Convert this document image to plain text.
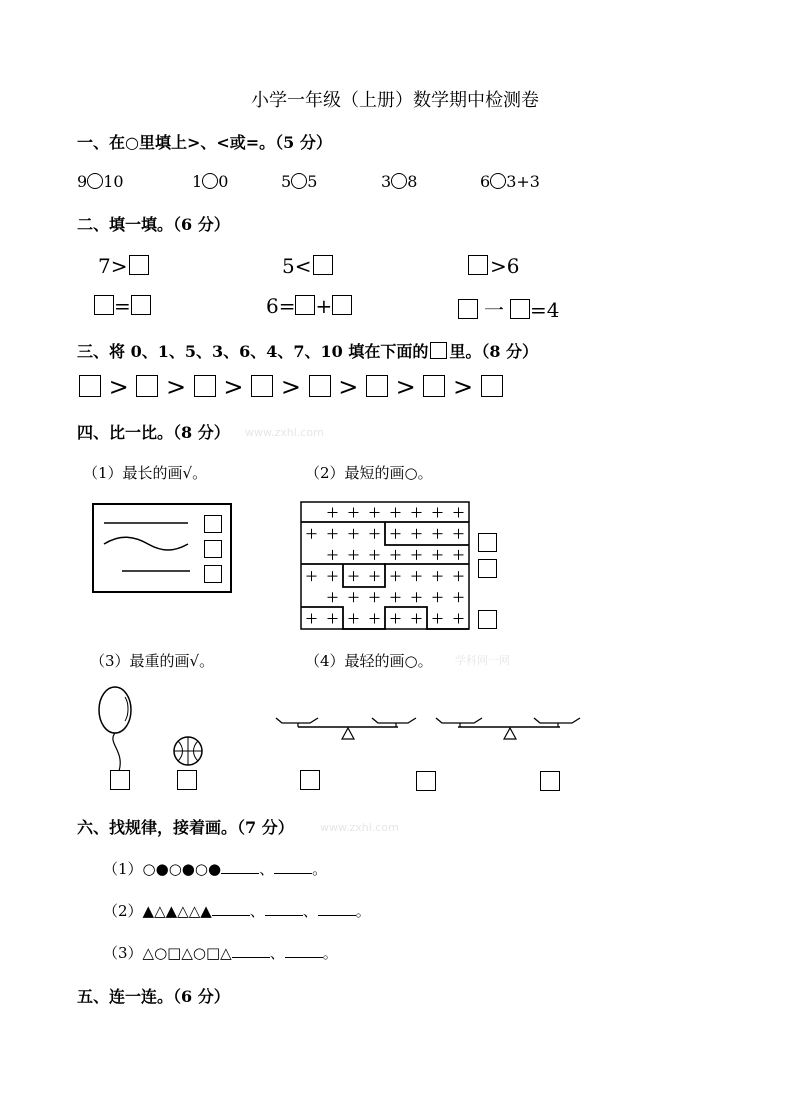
小学一年级（上册）数学期中检测卷
一、在○里填上>、<或=。（5 分）
9 10	1 0	5 5	3 8	6 3+3
二、填一填。（6 分）
7>	5<	>6
=	6= +	一 =4
三、将 0、1、5、3、6、4、7、10 填在下面的 里。（8 分）
> > > > > > >
四、比一比。（8 分） www.zxhl.com
（1）最长的画√。	（2）最短的画○。
（3）最重的画√。	（4）最轻的画○。 学科网一网
六、找规律，接着画。（7 分） www.zxhl.com
（1）○●○●○●	、	。
（2）▲△▲△△▲	、	、	。
（3）△○□△○□△	、	。
五、连一连。（6 分）
